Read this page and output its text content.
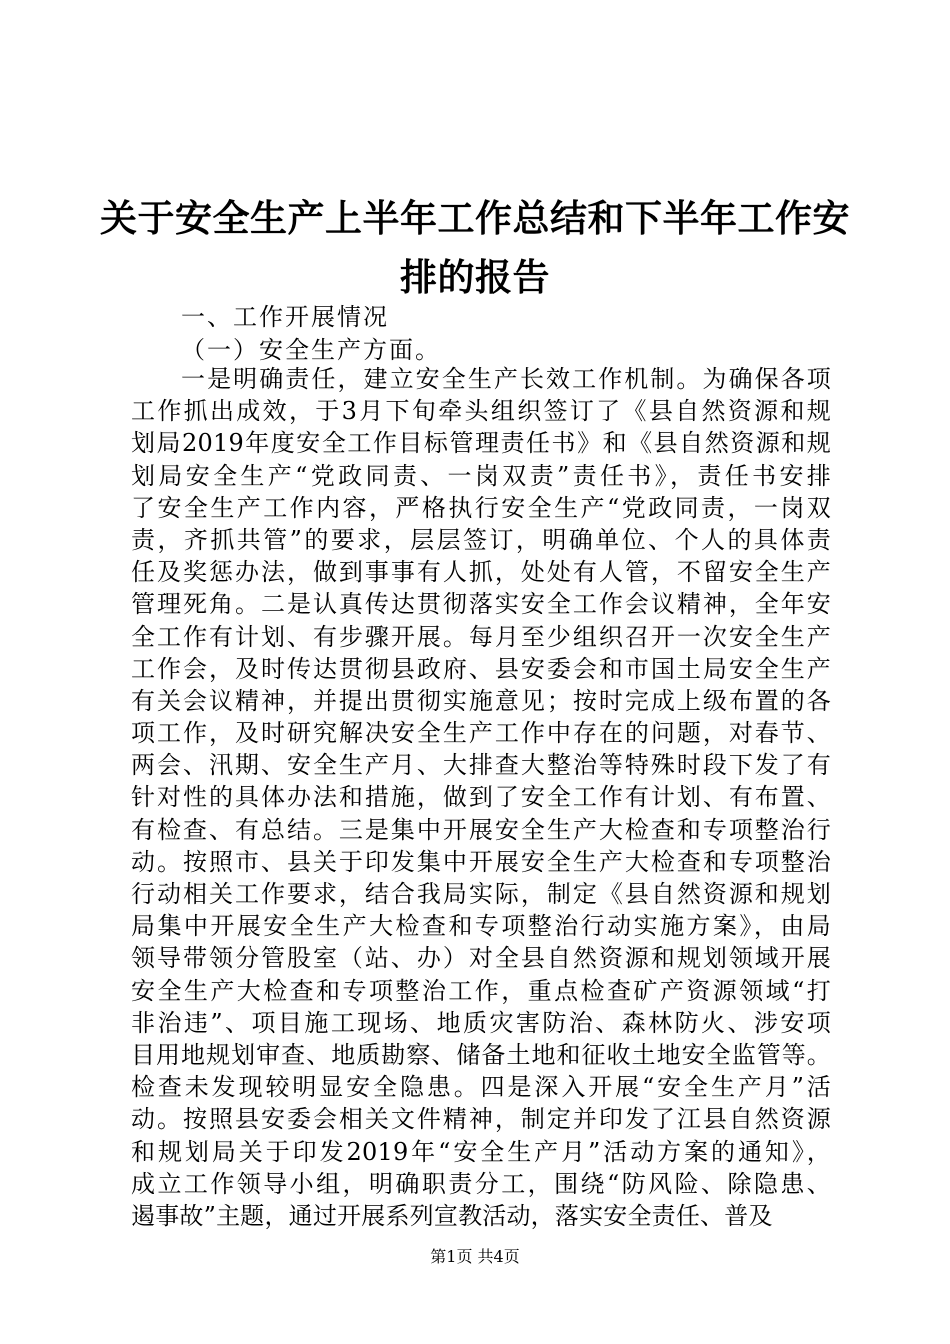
关于安全生产上半年工作总结和下半年工作安
排的报告

一、工作开展情况

（一）安全生产方面。

一是明确责任，建立安全生产长效工作机制。为确保各项
工作抓出成效，于3月下旬牵头组织签订了《县自然资源和规
划局2019年度安全工作目标管理责任书》和《县自然资源和规
划局安全生产“党政同责、一岗双责”责任书》，责任书安排
了安全生产工作内容，严格执行安全生产“党政同责，一岗双
责，齐抓共管”的要求，层层签订，明确单位、个人的具体责
任及奖惩办法，做到事事有人抓，处处有人管，不留安全生产
管理死角。二是认真传达贯彻落实安全工作会议精神，全年安
全工作有计划、有步骤开展。每月至少组织召开一次安全生产
工作会，及时传达贯彻县政府、县安委会和市国土局安全生产
有关会议精神，并提出贯彻实施意见；按时完成上级布置的各
项工作，及时研究解决安全生产工作中存在的问题，对春节、
两会、汛期、安全生产月、大排查大整治等特殊时段下发了有
针对性的具体办法和措施，做到了安全工作有计划、有布置、
有检查、有总结。三是集中开展安全生产大检查和专项整治行
动。按照市、县关于印发集中开展安全生产大检查和专项整治
行动相关工作要求，结合我局实际，制定《县自然资源和规划
局集中开展安全生产大检查和专项整治行动实施方案》，由局
领导带领分管股室（站、办）对全县自然资源和规划领域开展
安全生产大检查和专项整治工作，重点检查矿产资源领域“打
非治违”、项目施工现场、地质灾害防治、森林防火、涉安项
目用地规划审查、地质勘察、储备土地和征收土地安全监管等。
检查未发现较明显安全隐患。四是深入开展“安全生产月”活
动。按照县安委会相关文件精神，制定并印发了江县自然资源
和规划局关于印发2019年“安全生产月”活动方案的通知》，
成立工作领导小组，明确职责分工，围绕“防风险、除隐患、
遏事故”主题，通过开展系列宣教活动，落实安全责任、普及
第1页 共4页
